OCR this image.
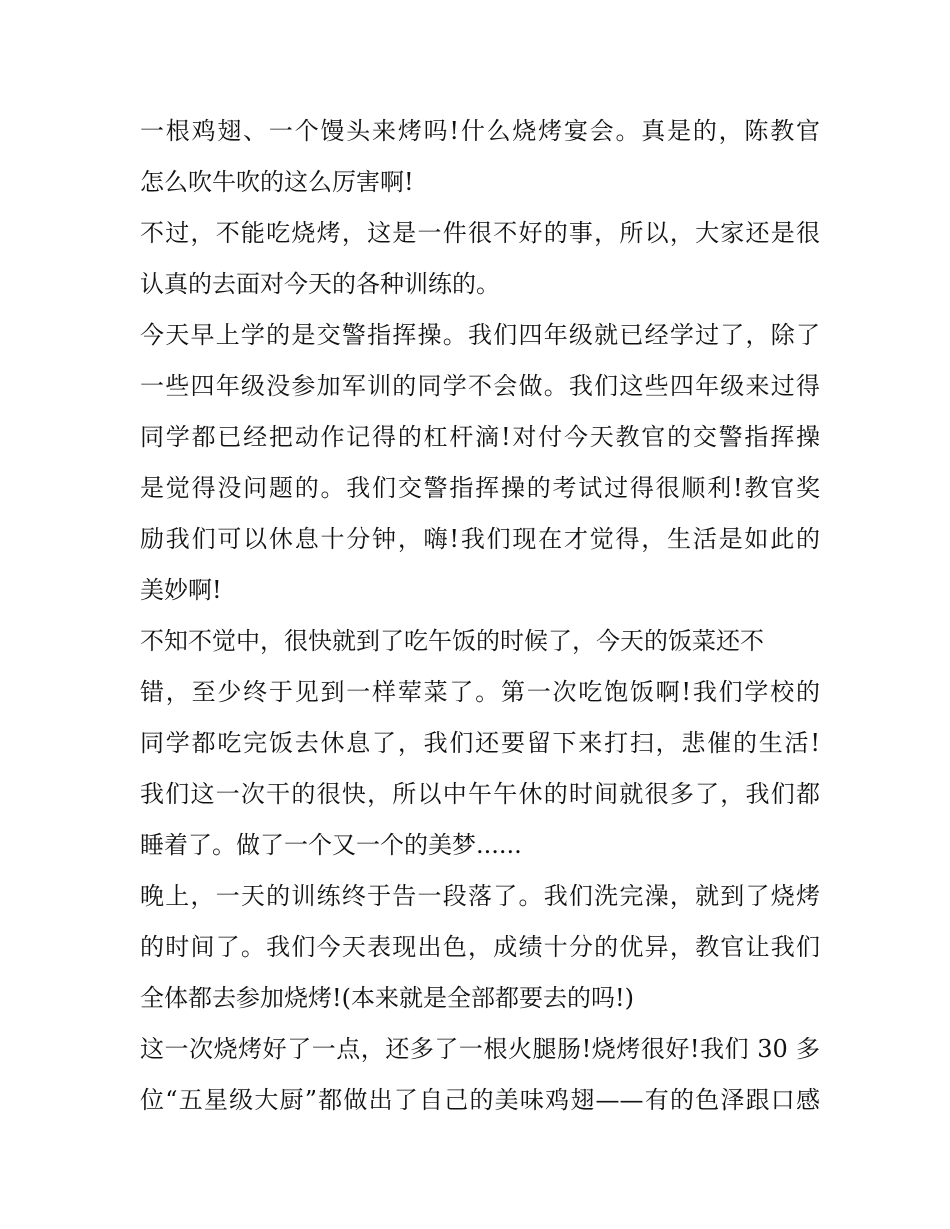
一根鸡翅、一个馒头来烤吗!什么烧烤宴会。真是的，陈教官
怎么吹牛吹的这么厉害啊!
不过，不能吃烧烤，这是一件很不好的事，所以，大家还是很
认真的去面对今天的各种训练的。
今天早上学的是交警指挥操。我们四年级就已经学过了，除了
一些四年级没参加军训的同学不会做。我们这些四年级来过得
同学都已经把动作记得的杠杆滴!对付今天教官的交警指挥操
是觉得没问题的。我们交警指挥操的考试过得很顺利!教官奖
励我们可以休息十分钟，嗨!我们现在才觉得，生活是如此的
美妙啊!
不知不觉中，很快就到了吃午饭的时候了，今天的饭菜还不
错，至少终于见到一样荤菜了。第一次吃饱饭啊!我们学校的
同学都吃完饭去休息了，我们还要留下来打扫，悲催的生活!
我们这一次干的很快，所以中午午休的时间就很多了，我们都
睡着了。做了一个又一个的美梦......
晚上，一天的训练终于告一段落了。我们洗完澡，就到了烧烤
的时间了。我们今天表现出色，成绩十分的优异，教官让我们
全体都去参加烧烤!(本来就是全部都要去的吗!)
这一次烧烤好了一点，还多了一根火腿肠!烧烤很好!我们 30 多
位“五星级大厨”都做出了自己的美味鸡翅——有的色泽跟口感
